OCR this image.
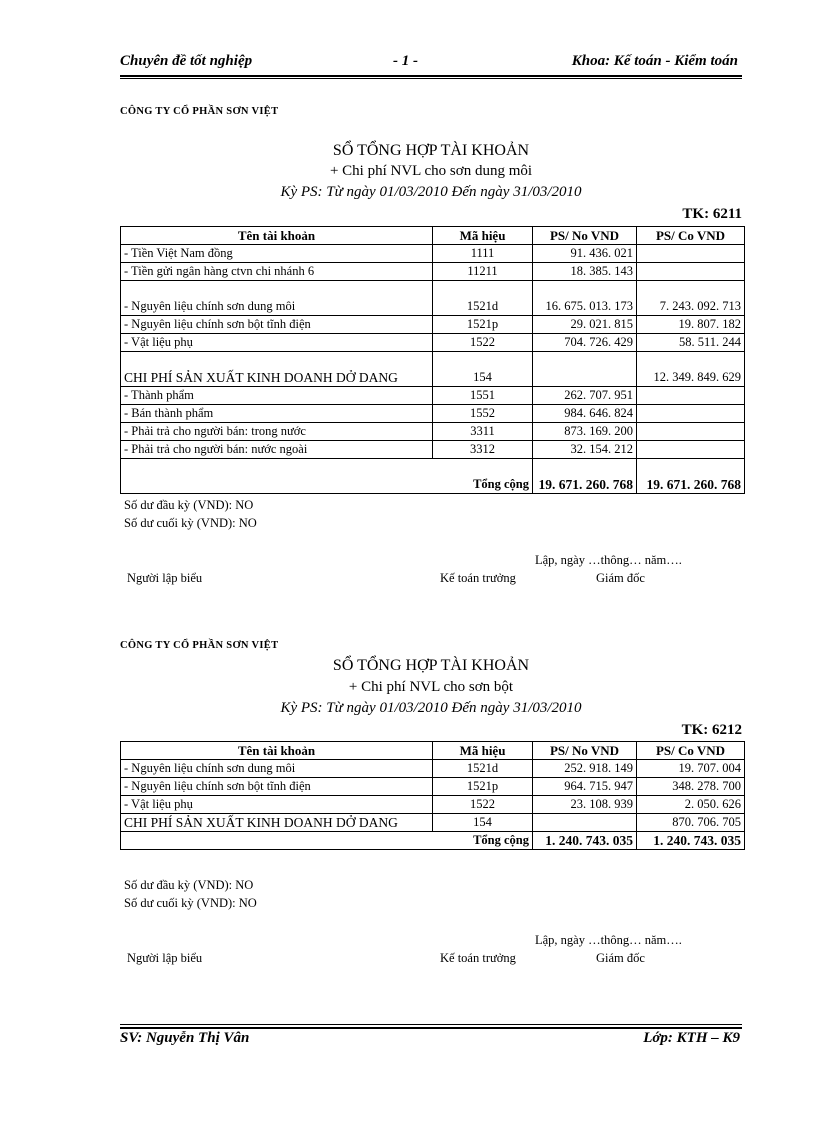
Chuyên đề tốt nghiệp	- 1 -	Khoa: Kế toán - Kiểm toán
CÔNG TY CỔ PHẦN SƠN VIỆT
SỔ TỔNG HỢP TÀI KHOẢN
+ Chi phí NVL cho sơn dung môi
Kỳ PS: Từ ngày 01/03/2010 Đến ngày 31/03/2010
TK: 6211
Tên tài khoản	Mã hiệu	PS/ No VND	PS/ Co VND
- Tiền Việt Nam đồng	1111	91. 436. 021	
- Tiền gửi ngân hàng ctvn chi nhánh 6	11211	18. 385. 143	
- Nguyên liệu chính sơn dung môi	1521d	16. 675. 013. 173	7. 243. 092. 713
- Nguyên liệu chính sơn bột tĩnh điện	1521p	29. 021. 815	19. 807. 182
- Vật liệu phụ	1522	704. 726. 429	58. 511. 244
CHI PHÍ SẢN XUẤT KINH DOANH DỞ DANG	154		12. 349. 849. 629
- Thành phẩm	1551	262. 707. 951	
- Bán thành phẩm	1552	984. 646. 824	
- Phải trả cho người bán: trong nước	3311	873. 169. 200	
- Phải trả cho người bán: nước ngoài	3312	32. 154. 212	
	Tổng cộng	19. 671. 260. 768	19. 671. 260. 768
Số dư đầu kỳ (VND): NO
Số dư cuối kỳ (VND): NO
Lập, ngày …thông… năm….
Người lập biểu	Kế toán trưởng	Giám đốc
CÔNG TY CỔ PHẦN SƠN VIỆT
SỔ TỔNG HỢP TÀI KHOẢN
+ Chi phí NVL cho sơn bột
Kỳ PS: Từ ngày 01/03/2010 Đến ngày 31/03/2010
TK: 6212
Tên tài khoản	Mã hiệu	PS/ No VND	PS/ Co VND
- Nguyên liệu chính sơn dung môi	1521d	252. 918. 149	19. 707. 004
- Nguyên liệu chính sơn bột tĩnh điện	1521p	964. 715. 947	348. 278. 700
- Vật liệu phụ	1522	23. 108. 939	2. 050. 626
CHI PHÍ SẢN XUẤT KINH DOANH DỞ DANG	154		870. 706. 705
	Tổng cộng	1. 240. 743. 035	1. 240. 743. 035
Số dư đầu kỳ (VND): NO
Số dư cuối kỳ (VND): NO
Lập, ngày …thông… năm….
Người lập biểu	Kế toán trưởng	Giám đốc
SV: Nguyễn Thị Vân	Lớp: KTH – K9
